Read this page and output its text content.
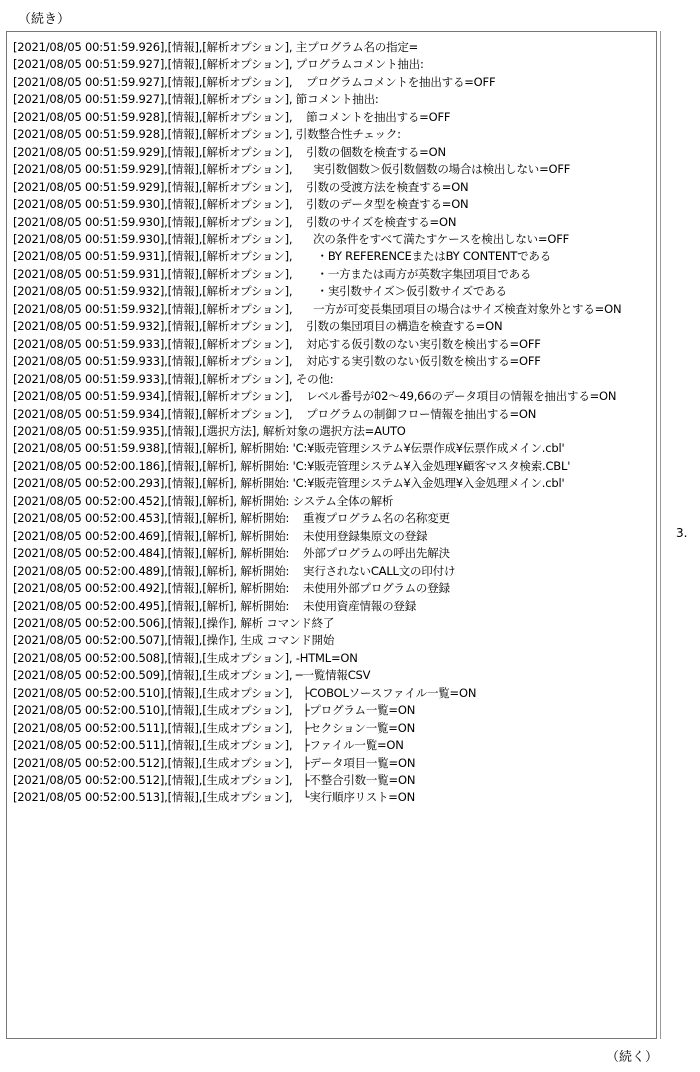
（続き）
[2021/08/05 00:51:59.926],[情報],[解析オプション], 主プログラム名の指定=
[2021/08/05 00:51:59.927],[情報],[解析オプション], プログラムコメント抽出:
[2021/08/05 00:51:59.927],[情報],[解析オプション],    プログラムコメントを抽出する=OFF
[2021/08/05 00:51:59.927],[情報],[解析オプション], 節コメント抽出:
[2021/08/05 00:51:59.928],[情報],[解析オプション],    節コメントを抽出する=OFF
[2021/08/05 00:51:59.928],[情報],[解析オプション], 引数整合性チェック:
[2021/08/05 00:51:59.929],[情報],[解析オプション],    引数の個数を検査する=ON
[2021/08/05 00:51:59.929],[情報],[解析オプション],      実引数個数＞仮引数個数の場合は検出しない=OFF
[2021/08/05 00:51:59.929],[情報],[解析オプション],    引数の受渡方法を検査する=ON
[2021/08/05 00:51:59.930],[情報],[解析オプション],    引数のデータ型を検査する=ON
[2021/08/05 00:51:59.930],[情報],[解析オプション],    引数のサイズを検査する=ON
[2021/08/05 00:51:59.930],[情報],[解析オプション],      次の条件をすべて満たすケースを検出しない=OFF
[2021/08/05 00:51:59.931],[情報],[解析オプション],       ・BY REFERENCEまたはBY CONTENTである
[2021/08/05 00:51:59.931],[情報],[解析オプション],       ・一方または両方が英数字集団項目である
[2021/08/05 00:51:59.932],[情報],[解析オプション],       ・実引数サイズ＞仮引数サイズである
[2021/08/05 00:51:59.932],[情報],[解析オプション],      一方が可変長集団項目の場合はサイズ検査対象外とする=ON
[2021/08/05 00:51:59.932],[情報],[解析オプション],    引数の集団項目の構造を検査する=ON
[2021/08/05 00:51:59.933],[情報],[解析オプション],    対応する仮引数のない実引数を検出する=OFF
[2021/08/05 00:51:59.933],[情報],[解析オプション],    対応する実引数のない仮引数を検出する=OFF
[2021/08/05 00:51:59.933],[情報],[解析オプション], その他:
[2021/08/05 00:51:59.934],[情報],[解析オプション],    レベル番号が02～49,66のデータ項目の情報を抽出する=ON
[2021/08/05 00:51:59.934],[情報],[解析オプション],    プログラムの制御フロー情報を抽出する=ON
[2021/08/05 00:51:59.935],[情報],[選択方法], 解析対象の選択方法=AUTO
[2021/08/05 00:51:59.938],[情報],[解析], 解析開始: 'C:¥販売管理システム¥伝票作成¥伝票作成メイン.cbl'
[2021/08/05 00:52:00.186],[情報],[解析], 解析開始: 'C:¥販売管理システム¥入金処理¥顧客マスタ検索.CBL'
[2021/08/05 00:52:00.293],[情報],[解析], 解析開始: 'C:¥販売管理システム¥入金処理¥入金処理メイン.cbl'
[2021/08/05 00:52:00.452],[情報],[解析], 解析開始: システム全体の解析
[2021/08/05 00:52:00.453],[情報],[解析], 解析開始:    重複プログラム名の名称変更
[2021/08/05 00:52:00.469],[情報],[解析], 解析開始:    未使用登録集原文の登録
[2021/08/05 00:52:00.484],[情報],[解析], 解析開始:    外部プログラムの呼出先解決
[2021/08/05 00:52:00.489],[情報],[解析], 解析開始:    実行されないCALL文の印付け
[2021/08/05 00:52:00.492],[情報],[解析], 解析開始:    未使用外部プログラムの登録
[2021/08/05 00:52:00.495],[情報],[解析], 解析開始:    未使用資産情報の登録
[2021/08/05 00:52:00.506],[情報],[操作], 解析 コマンド終了
[2021/08/05 00:52:00.507],[情報],[操作], 生成 コマンド開始
[2021/08/05 00:52:00.508],[情報],[生成オプション], -HTML=ON
[2021/08/05 00:52:00.509],[情報],[生成オプション], ─一覧情報CSV
[2021/08/05 00:52:00.510],[情報],[生成オプション],   ├COBOLソースファイル一覧=ON
[2021/08/05 00:52:00.510],[情報],[生成オプション],   ├プログラム一覧=ON
[2021/08/05 00:52:00.511],[情報],[生成オプション],   ├セクション一覧=ON
[2021/08/05 00:52:00.511],[情報],[生成オプション],   ├ファイル一覧=ON
[2021/08/05 00:52:00.512],[情報],[生成オプション],   ├データ項目一覧=ON
[2021/08/05 00:52:00.512],[情報],[生成オプション],   ├不整合引数一覧=ON
[2021/08/05 00:52:00.513],[情報],[生成オプション],   └実行順序リスト=ON
3.
（続く）
